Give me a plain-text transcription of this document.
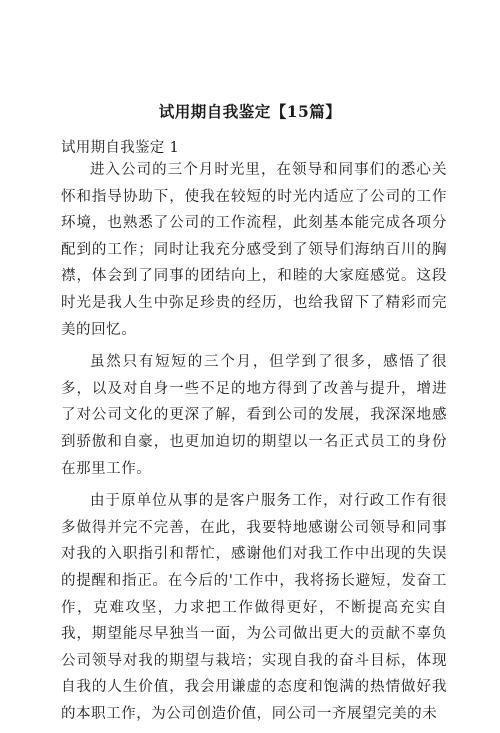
试用期自我鉴定【15篇】
试用期自我鉴定 1

进入公司的三个月时光里，在领导和同事们的悉心关怀和指导协助下，使我在较短的时光内适应了公司的工作环境，也熟悉了公司的工作流程，此刻基本能完成各项分配到的工作；同时让我充分感受到了领导们海纳百川的胸襟，体会到了同事的团结向上，和睦的大家庭感觉。这段时光是我人生中弥足珍贵的经历，也给我留下了精彩而完美的回忆。

虽然只有短短的三个月，但学到了很多，感悟了很多，以及对自身一些不足的地方得到了改善与提升，增进了对公司文化的更深了解，看到公司的发展，我深深地感到骄傲和自豪，也更加迫切的期望以一名正式员工的身份在那里工作。

由于原单位从事的是客户服务工作，对行政工作有很多做得并完不完善，在此，我要特地感谢公司领导和同事对我的入职指引和帮忙，感谢他们对我工作中出现的失误的提醒和指正。在今后的'工作中，我将扬长避短，发奋工作，克难攻坚，力求把工作做得更好，不断提高充实自我，期望能尽早独当一面，为公司做出更大的贡献不辜负公司领导对我的期望与栽培；实现自我的奋斗目标，体现自我的人生价值，我会用谦虚的态度和饱满的热情做好我的本职工作，为公司创造价值，同公司一齐展望完美的未
